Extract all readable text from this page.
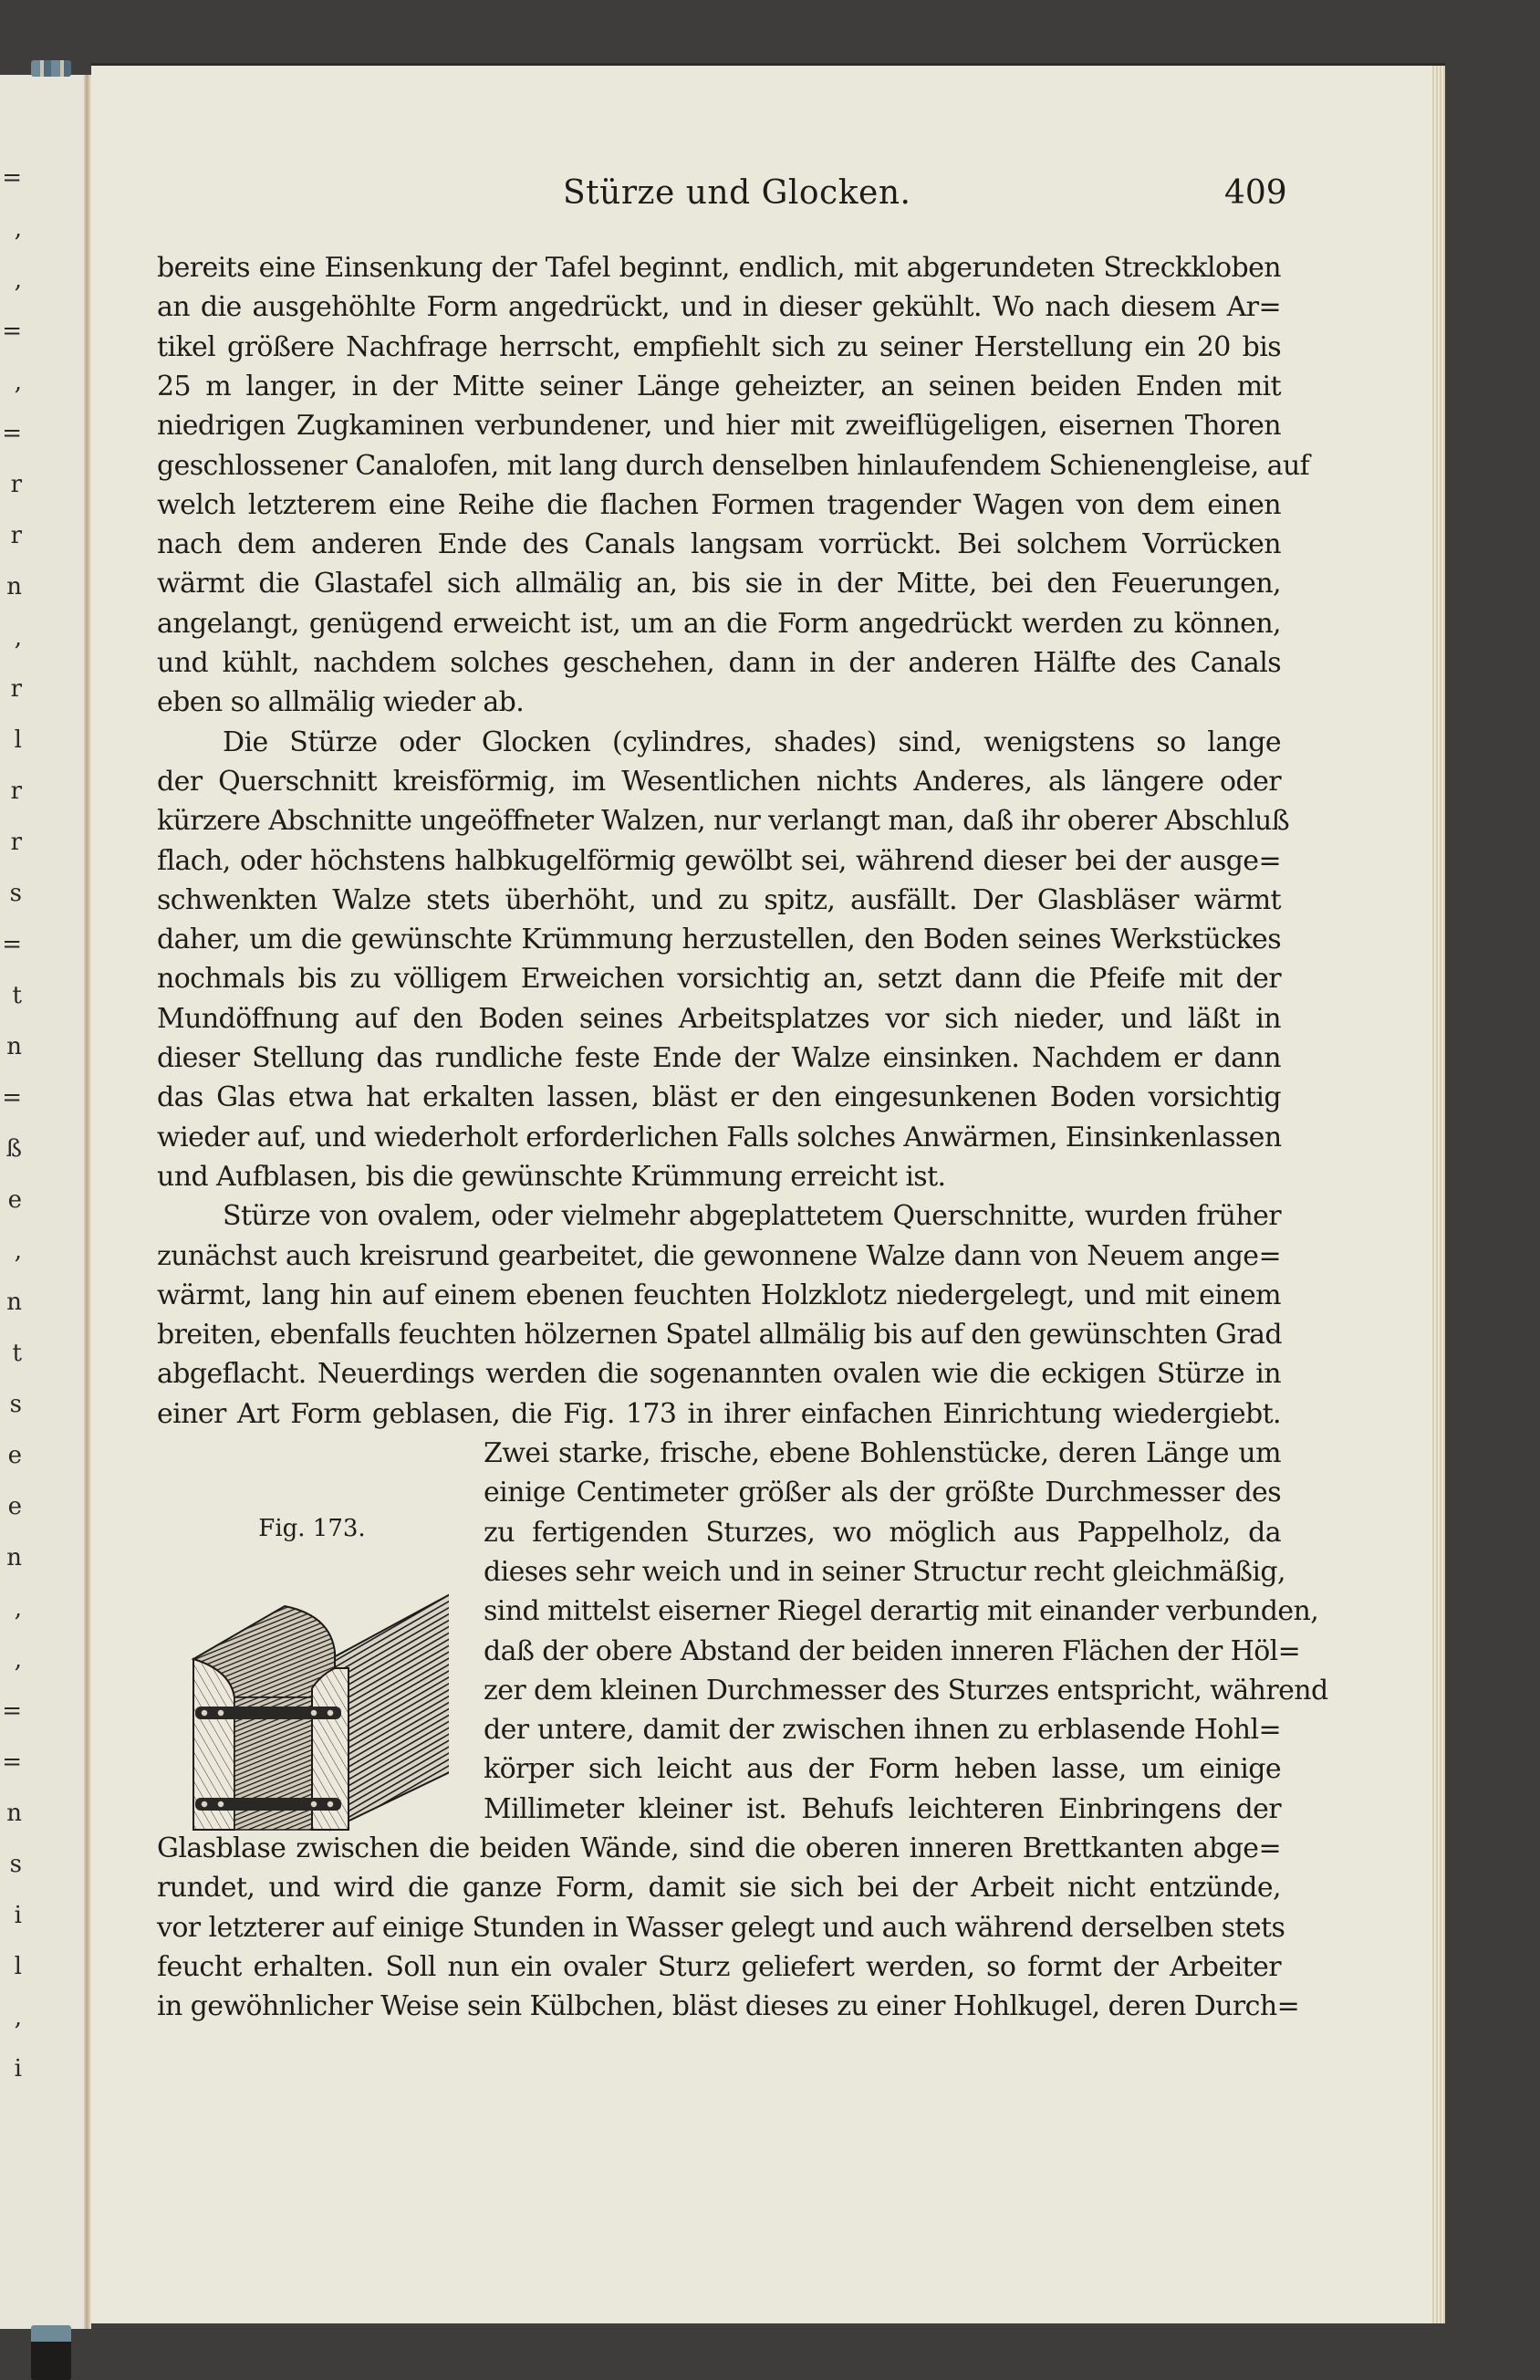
=
,
,
=
,
=
r
r
n
,
r
l
r
r
s
=
t
n
=
ß
e
,
n
t
s
e
e
n
,
,
=
=
n
s
i
l
,
i
Stürze und Glocken.	409
bereits eine Einsenkung der Tafel beginnt, endlich, mit abgerundeten Streckkloben
an die ausgehöhlte Form angedrückt, und in dieser gekühlt. Wo nach diesem Ar=
tikel größere Nachfrage herrscht, empfiehlt sich zu seiner Herstellung ein 20 bis
25 m langer, in der Mitte seiner Länge geheizter, an seinen beiden Enden mit
niedrigen Zugkaminen verbundener, und hier mit zweiflügeligen, eisernen Thoren
geschlossener Canalofen, mit lang durch denselben hinlaufendem Schienengleise, auf
welch letzterem eine Reihe die flachen Formen tragender Wagen von dem einen
nach dem anderen Ende des Canals langsam vorrückt. Bei solchem Vorrücken
wärmt die Glastafel sich allmälig an, bis sie in der Mitte, bei den Feuerungen,
angelangt, genügend erweicht ist, um an die Form angedrückt werden zu können,
und kühlt, nachdem solches geschehen, dann in der anderen Hälfte des Canals
eben so allmälig wieder ab.
Die Stürze oder Glocken (cylindres, shades) sind, wenigstens so lange
der Querschnitt kreisförmig, im Wesentlichen nichts Anderes, als längere oder
kürzere Abschnitte ungeöffneter Walzen, nur verlangt man, daß ihr oberer Abschluß
flach, oder höchstens halbkugelförmig gewölbt sei, während dieser bei der ausge=
schwenkten Walze stets überhöht, und zu spitz, ausfällt. Der Glasbläser wärmt
daher, um die gewünschte Krümmung herzustellen, den Boden seines Werkstückes
nochmals bis zu völligem Erweichen vorsichtig an, setzt dann die Pfeife mit der
Mundöffnung auf den Boden seines Arbeitsplatzes vor sich nieder, und läßt in
dieser Stellung das rundliche feste Ende der Walze einsinken. Nachdem er dann
das Glas etwa hat erkalten lassen, bläst er den eingesunkenen Boden vorsichtig
wieder auf, und wiederholt erforderlichen Falls solches Anwärmen, Einsinkenlassen
und Aufblasen, bis die gewünschte Krümmung erreicht ist.
Stürze von ovalem, oder vielmehr abgeplattetem Querschnitte, wurden früher
zunächst auch kreisrund gearbeitet, die gewonnene Walze dann von Neuem ange=
wärmt, lang hin auf einem ebenen feuchten Holzklotz niedergelegt, und mit einem
breiten, ebenfalls feuchten hölzernen Spatel allmälig bis auf den gewünschten Grad
abgeflacht. Neuerdings werden die sogenannten ovalen wie die eckigen Stürze in
einer Art Form geblasen, die Fig. 173 in ihrer einfachen Einrichtung wiedergiebt.
Zwei starke, frische, ebene Bohlenstücke, deren Länge um
einige Centimeter größer als der größte Durchmesser des
zu fertigenden Sturzes, wo möglich aus Pappelholz, da
dieses sehr weich und in seiner Structur recht gleichmäßig,
sind mittelst eiserner Riegel derartig mit einander verbunden,
daß der obere Abstand der beiden inneren Flächen der Höl=
zer dem kleinen Durchmesser des Sturzes entspricht, während
der untere, damit der zwischen ihnen zu erblasende Hohl=
körper sich leicht aus der Form heben lasse, um einige
Millimeter kleiner ist. Behufs leichteren Einbringens der
Glasblase zwischen die beiden Wände, sind die oberen inneren Brettkanten abge=
rundet, und wird die ganze Form, damit sie sich bei der Arbeit nicht entzünde,
vor letzterer auf einige Stunden in Wasser gelegt und auch während derselben stets
feucht erhalten. Soll nun ein ovaler Sturz geliefert werden, so formt der Arbeiter
in gewöhnlicher Weise sein Külbchen, bläst dieses zu einer Hohlkugel, deren Durch=
Fig. 173.
